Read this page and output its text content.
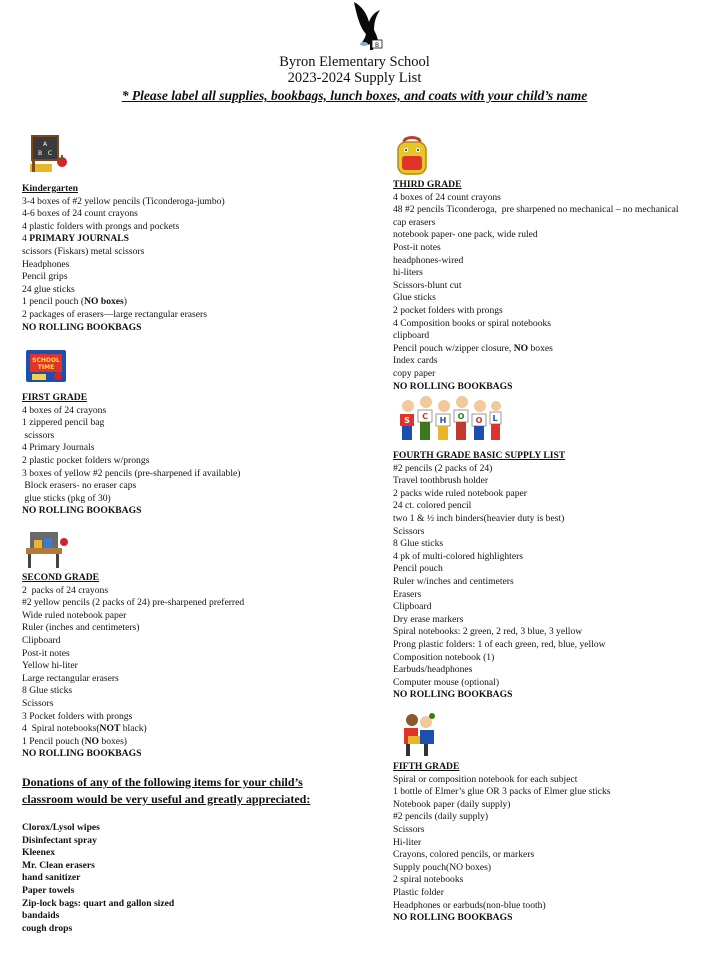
B
Byron Elementary School
2023-2024 Supply List
* Please label all supplies, bookbags, lunch boxes, and coats with your child’s name
A
B C
SCHOOL
TIME
Kindergarten
3-4 boxes of #2 yellow pencils (Ticonderoga-jumbo)
4-6 boxes of 24 count crayons
4 plastic folders with prongs and pockets
4 PRIMARY JOURNALS
scissors (Fiskars) metal scissors
Headphones
Pencil grips
24 glue sticks
1 pencil pouch (NO boxes)
2 packages of erasers—large rectangular erasers
NO ROLLING BOOKBAGS
FIRST GRADE
4 boxes of 24 crayons
1 zippered pencil bag
scissors
4 Primary Journals
2 plastic pocket folders w/prongs
3 boxes of yellow #2 pencils (pre-sharpened if available)
Block erasers- no eraser caps
glue sticks (pkg of 30)
NO ROLLING BOOKBAGS
SECOND GRADE
2  packs of 24 crayons
#2 yellow pencils (2 packs of 24) pre-sharpened preferred
Wide ruled notebook paper
Ruler (inches and centimeters)
Clipboard
Post-it notes
Yellow hi-liter
Large rectangular erasers
8 Glue sticks
Scissors
3 Pocket folders with prongs
4  Spiral notebooks(NOT black)
1 Pencil pouch (NO boxes)
NO ROLLING BOOKBAGS
Donations of any of the following items for your child’s classroom would be very useful and greatly appreciated:
Clorox/Lysol wipes
Disinfectant spray
Kleenex
Mr. Clean erasers
hand sanitizer
Paper towels
Zip-lock bags: quart and gallon sized
bandaids
cough drops
S C H O O L
THIRD GRADE
4 boxes of 24 count crayons
48 #2 pencils Ticonderoga,  pre sharpened no mechanical – no mechanical
cap erasers
notebook paper- one pack, wide ruled
Post-it notes
headphones-wired
hi-liters
Scissors-blunt cut
Glue sticks
2 pocket folders with prongs
4 Composition books or spiral notebooks
clipboard
Pencil pouch w/zipper closure, NO boxes
Index cards
copy paper
NO ROLLING BOOKBAGS
FOURTH GRADE BASIC SUPPLY LIST
#2 pencils (2 packs of 24)
Travel toothbrush holder
2 packs wide ruled notebook paper
24 ct. colored pencil
two 1 & ½ inch binders(heavier duty is best)
Scissors
8 Glue sticks
4 pk of multi-colored highlighters
Pencil pouch
Ruler w/inches and centimeters
Erasers
Clipboard
Dry erase markers
Spiral notebooks: 2 green, 2 red, 3 blue, 3 yellow
Prong plastic folders: 1 of each green, red, blue, yellow
Composition notebook (1)
Earbuds/headphones
Computer mouse (optional)
NO ROLLING BOOKBAGS
FIFTH GRADE
Spiral or composition notebook for each subject
1 bottle of Elmer’s glue OR 3 packs of Elmer glue sticks
Notebook paper (daily supply)
#2 pencils (daily supply)
Scissors
Hi-liter
Crayons, colored pencils, or markers
Supply pouch(NO boxes)
2 spiral notebooks
Plastic folder
Headphones or earbuds(non-blue tooth)
NO ROLLING BOOKBAGS
